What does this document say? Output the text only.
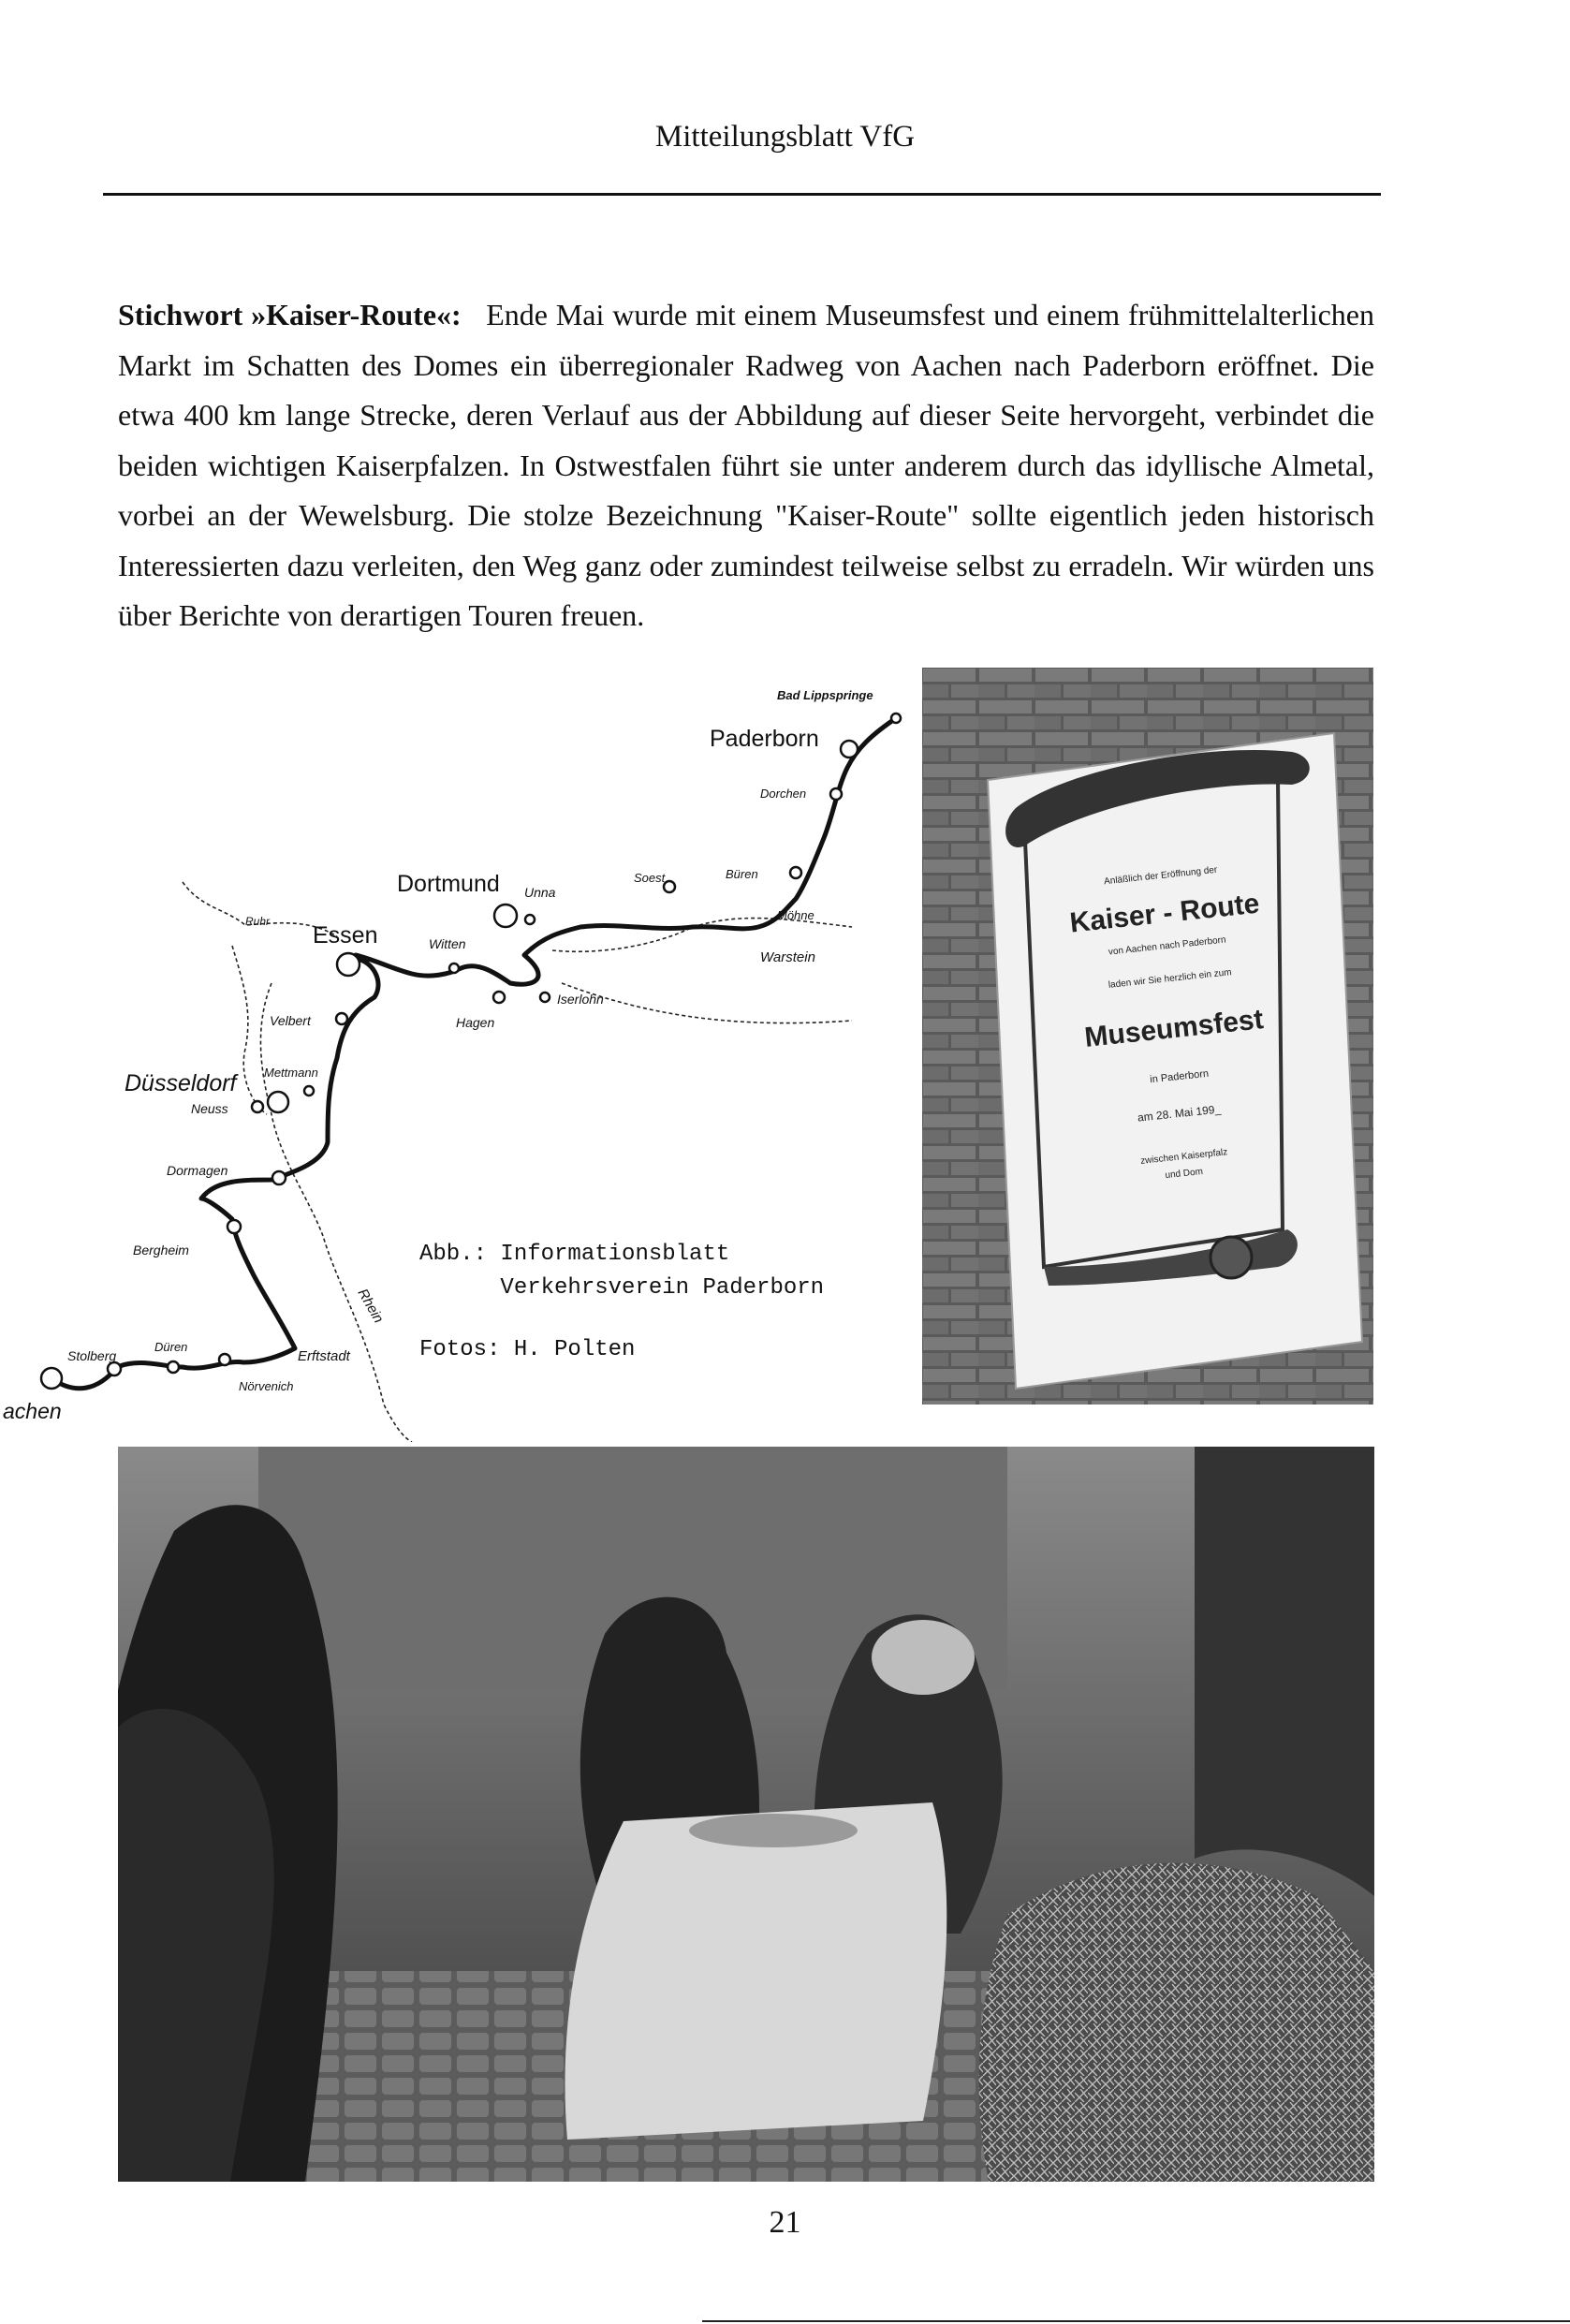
Mitteilungsblatt VfG
Stichwort »Kaiser-Route«: Ende Mai wurde mit einem Museumsfest und einem frühmittelalterlichen Markt im Schatten des Domes ein überregionaler Radweg von Aachen nach Paderborn eröffnet. Die etwa 400 km lange Strecke, deren Verlauf aus der Abbildung auf dieser Seite hervorgeht, verbindet die beiden wichtigen Kaiserpfalzen. In Ostwestfalen führt sie unter anderem durch das idyllische Almetal, vorbei an der Wewelsburg. Die stolze Bezeichnung "Kaiser-Route" sollte eigentlich jeden historisch Interessierten dazu verleiten, den Weg ganz oder zumindest teilweise selbst zu erradeln. Wir würden uns über Berichte von derartigen Touren freuen.
Bad Lippspringe
Paderborn
Dorchen
Büren
Soest
Möhne
Warstein
Unna
Dortmund
Witten
Hagen
Iserlohn
Essen
Ruhr
Velbert
Mettmann
Düsseldorf
Neuss
Dormagen
Bergheim
Rhein
Erftstadt
Nörvenich
Düren
Stolberg
achen
Abb.: Informationsblatt
Verkehrsverein Paderborn
Fotos: H. Polten
Anläßlich der Eröffnung der
Kaiser - Route
von Aachen nach Paderborn
laden wir Sie herzlich ein zum
Museumsfest
in Paderborn
am 28. Mai 199_
zwischen Kaiserpfalz
und Dom
21
